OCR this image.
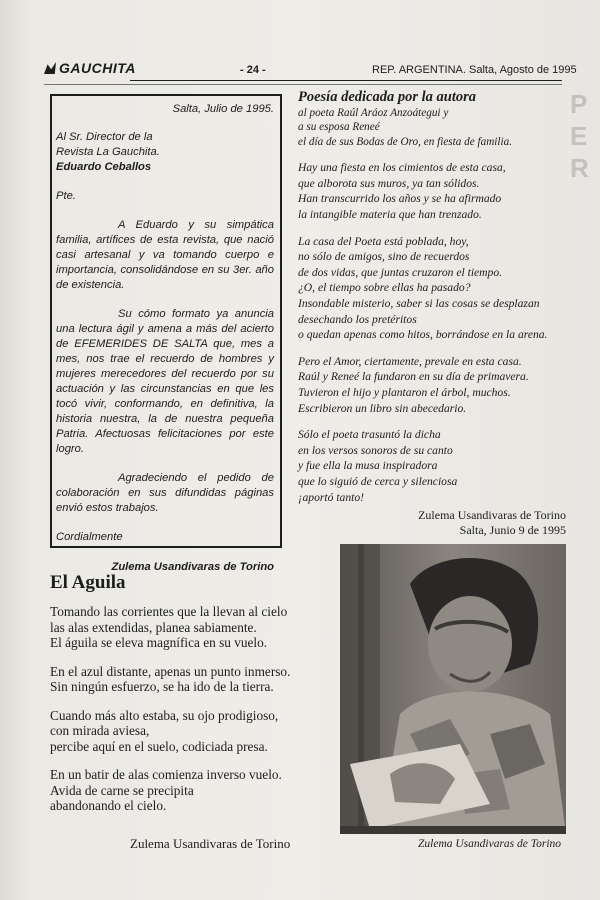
GAUCHITA	- 24 -	REP. ARGENTINA. Salta, Agosto de 1995

Salta, Julio de 1995.

Al Sr. Director de la

Revista La Gauchita.

Eduardo Ceballos

Pte.

A Eduardo y su simpática familia, artífices de esta revista, que nació casi artesanal y va tomando cuerpo e importancia, consolidándose en su 3er. año de existencia.

Su cómo formato ya anuncia una lectura ágil y amena a más del acierto de EFEMERIDES DE SALTA que, mes a mes, nos trae el recuerdo de hombres y mujeres merecedores del recuerdo por su actuación y las circunstancias en que les tocó vivir, conformando, en definitiva, la historia nuestra, la de nuestra pequeña Patria. Afectuosas felicitaciones por este logro.

Agradeciendo el pedido de colaboración en sus difundidas páginas envió estos trabajos.

Cordialmente

Zulema Usandivaras de Torino

P
E
R

Poesía dedicada por la autora

al poeta Raúl Aráoz Anzoátegui y

a su esposa Reneé

el día de sus Bodas de Oro, en fiesta de familia.

Hay una fiesta en los cimientos de esta casa,

que alborota sus muros, ya tan sólidos.

Han transcurrido los años y se ha afirmado

la intangible materia que han trenzado.

La casa del Poeta está poblada, hoy,

no sólo de amigos, sino de recuerdos

de dos vidas, que juntas cruzaron el tiempo.

¿O, el tiempo sobre ellas ha pasado?

Insondable misterio, saber si las cosas se desplazan

desechando los pretéritos

o quedan apenas como hitos, borrándose en la arena.

Pero el Amor, ciertamente, prevale en esta casa.

Raúl y Reneé la fundaron en su día de primavera.

Tuvieron el hijo y plantaron el árbol, muchos.

Escribieron un libro sin abecedario.

Sólo el poeta trasuntó la dicha

en los versos sonoros de su canto

y fue ella la musa inspiradora

que lo siguió de cerca y silenciosa

¡aportó tanto!

Zulema Usandivaras de Torino
Salta, Junio 9 de 1995
El Aguila

Tomando las corrientes que la llevan al cielo

las alas extendidas, planea sabiamente.

El águila se eleva magnífica en su vuelo.

En el azul distante, apenas un punto inmerso.

Sin ningún esfuerzo, se ha ido de la tierra.

Cuando más alto estaba, su ojo prodigioso,

con mirada aviesa,

percibe aquí en el suelo, codiciada presa.

En un batir de alas comienza inverso vuelo.

Avida de carne se precipita

abandonando el cielo.

Zulema Usandivaras de Torino	Zulema Usandivaras de Torino
